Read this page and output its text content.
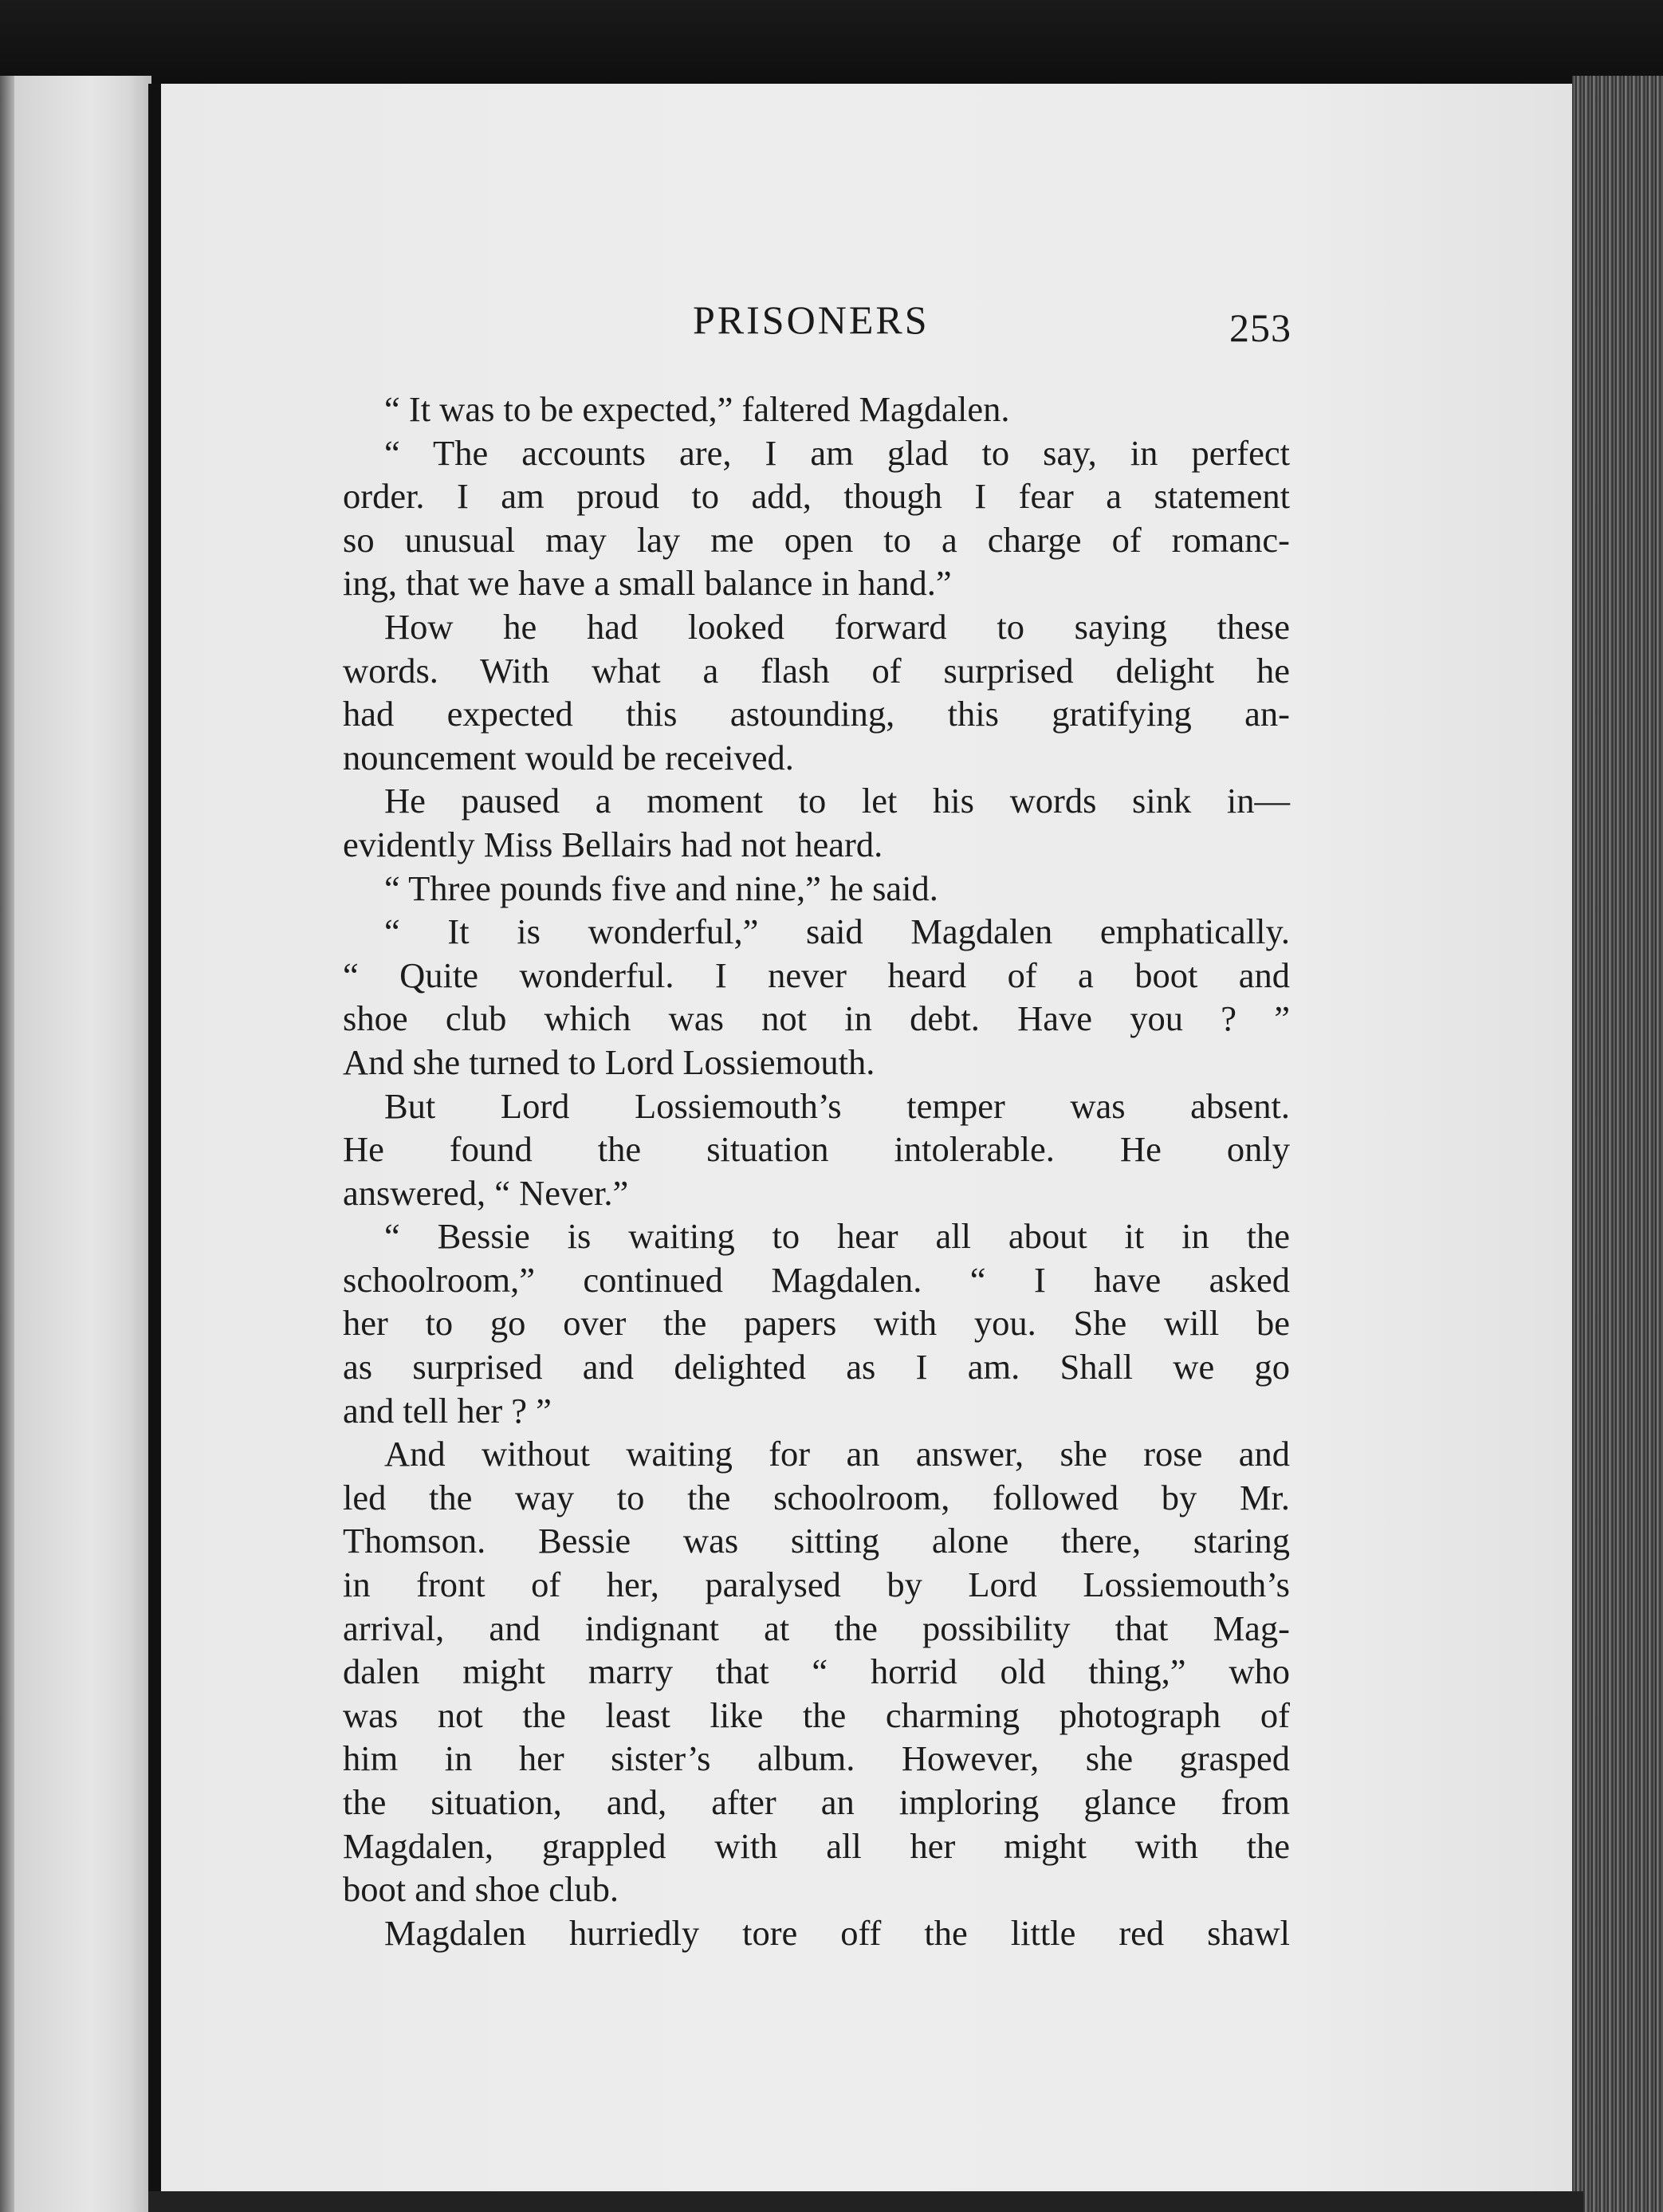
PRISONERS	253
“ It was to be expected,” faltered Magdalen.
“ The accounts are, I am glad to say, in perfect
order. I am proud to add, though I fear a statement
so unusual may lay me open to a charge of romanc-
ing, that we have a small balance in hand.”
How he had looked forward to saying these
words. With what a flash of surprised delight he
had expected this astounding, this gratifying an-
nouncement would be received.
He paused a moment to let his words sink in—
evidently Miss Bellairs had not heard.
“ Three pounds five and nine,” he said.
“ It is wonderful,” said Magdalen emphatically.
“ Quite wonderful. I never heard of a boot and
shoe club which was not in debt. Have you ? ”
And she turned to Lord Lossiemouth.
But Lord Lossiemouth’s temper was absent.
He found the situation intolerable. He only
answered, “ Never.”
“ Bessie is waiting to hear all about it in the
schoolroom,” continued Magdalen. “ I have asked
her to go over the papers with you. She will be
as surprised and delighted as I am. Shall we go
and tell her ? ”
And without waiting for an answer, she rose and
led the way to the schoolroom, followed by Mr.
Thomson. Bessie was sitting alone there, staring
in front of her, paralysed by Lord Lossiemouth’s
arrival, and indignant at the possibility that Mag-
dalen might marry that “ horrid old thing,” who
was not the least like the charming photograph of
him in her sister’s album. However, she grasped
the situation, and, after an imploring glance from
Magdalen, grappled with all her might with the
boot and shoe club.
Magdalen hurriedly tore off the little red shawl
